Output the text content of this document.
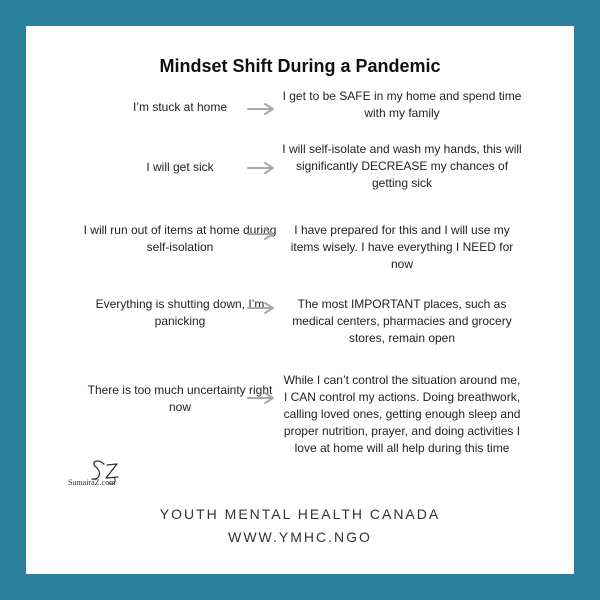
Mindset Shift During a Pandemic
I’m stuck at home
I get to be SAFE in my home and spend time with my family
I will get sick
I will self-isolate and wash my hands, this will significantly DECREASE my chances of getting sick
I will run out of items at home during self-isolation
I have prepared for this and I will use my items wisely. I have everything I NEED for now
Everything is shutting down, I’m panicking
The most IMPORTANT places, such as medical centers, pharmacies and grocery stores, remain open
There is too much uncertainty right now
While I can’t control the situation around me, I CAN control my actions. Doing breathwork, calling loved ones, getting enough sleep and proper nutrition, prayer, and doing activities I love at home will all help during this time
SumairaZ.com
YOUTH MENTAL HEALTH CANADA
WWW.YMHC.NGO
